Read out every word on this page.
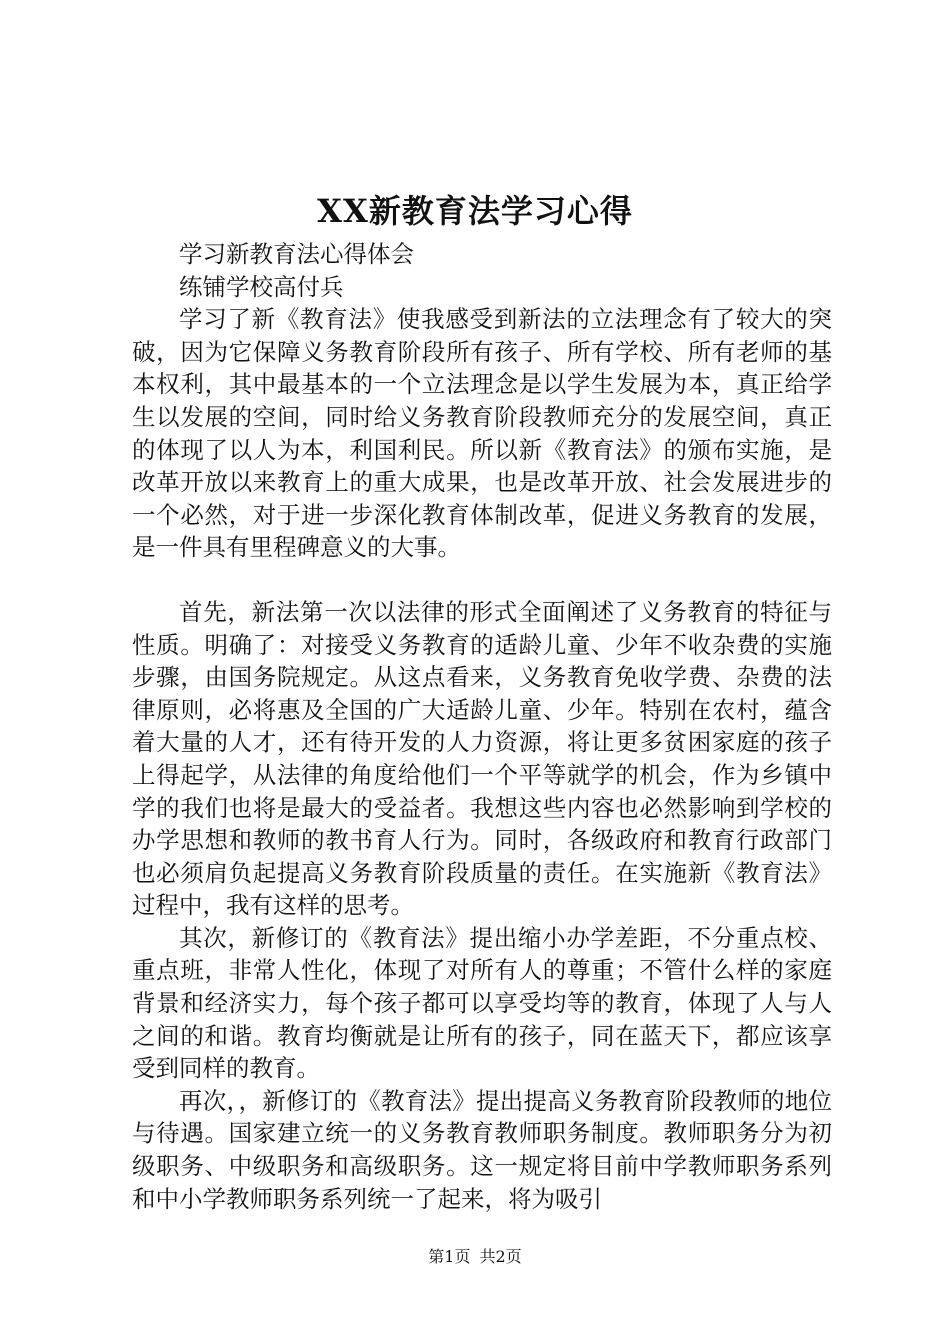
XX新教育法学习心得

学习新教育法心得体会

练铺学校高付兵

学习了新《教育法》使我感受到新法的立法理念有了较大的突破，因为它保障义务教育阶段所有孩子、所有学校、所有老师的基本权利，其中最基本的一个立法理念是以学生发展为本，真正给学生以发展的空间，同时给义务教育阶段教师充分的发展空间，真正的体现了以人为本，利国利民。所以新《教育法》的颁布实施，是改革开放以来教育上的重大成果，也是改革开放、社会发展进步的一个必然，对于进一步深化教育体制改革，促进义务教育的发展，是一件具有里程碑意义的大事。

首先，新法第一次以法律的形式全面阐述了义务教育的特征与性质。明确了：对接受义务教育的适龄儿童、少年不收杂费的实施步骤，由国务院规定。从这点看来，义务教育免收学费、杂费的法律原则，必将惠及全国的广大适龄儿童、少年。特别在农村，蕴含着大量的人才，还有待开发的人力资源，将让更多贫困家庭的孩子上得起学，从法律的角度给他们一个平等就学的机会，作为乡镇中学的我们也将是最大的受益者。我想这些内容也必然影响到学校的办学思想和教师的教书育人行为。同时，各级政府和教育行政部门也必须肩负起提高义务教育阶段质量的责任。在实施新《教育法》过程中，我有这样的思考。

其次，新修订的《教育法》提出缩小办学差距，不分重点校、重点班，非常人性化，体现了对所有人的尊重；不管什么样的家庭背景和经济实力，每个孩子都可以享受均等的教育，体现了人与人之间的和谐。教育均衡就是让所有的孩子，同在蓝天下，都应该享受到同样的教育。

再次，，新修订的《教育法》提出提高义务教育阶段教师的地位与待遇。国家建立统一的义务教育教师职务制度。教师职务分为初级职务、中级职务和高级职务。这一规定将目前中学教师职务系列和中小学教师职务系列统一了起来，将为吸引

第1页 共2页
